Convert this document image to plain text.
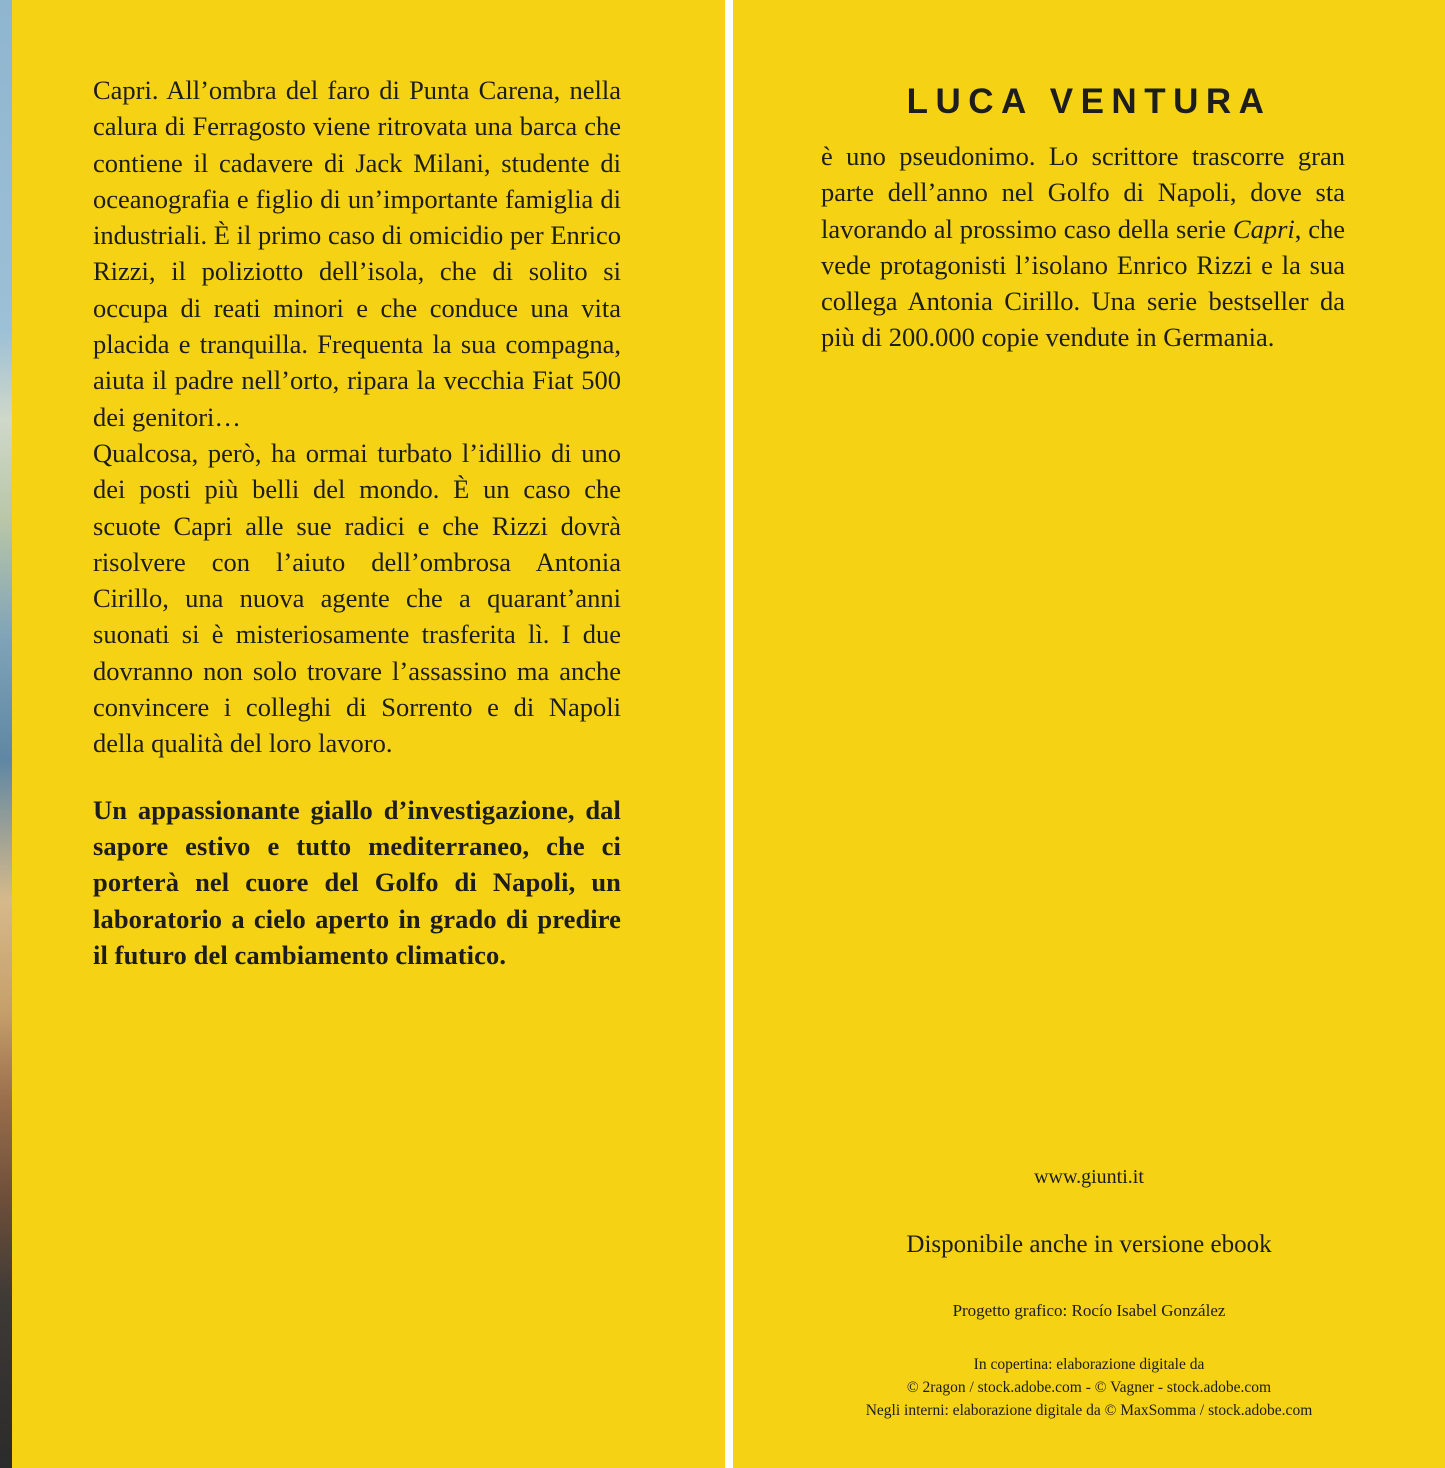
Capri. All’ombra del faro di Punta Carena, nella calura di Ferragosto viene ritrovata una barca che contiene il cadavere di Jack Milani, studente di oceanografia e figlio di un’importante famiglia di industriali. È il primo caso di omicidio per Enrico Rizzi, il poliziotto dell’isola, che di solito si occupa di reati minori e che conduce una vita placida e tranquilla. Frequenta la sua compagna, aiuta il padre nell’orto, ripara la vecchia Fiat 500 dei genitori…

Qualcosa, però, ha ormai turbato l’idillio di uno dei posti più belli del mondo. È un caso che scuote Capri alle sue radici e che Rizzi dovrà risolvere con l’aiuto dell’ombrosa Antonia Cirillo, una nuova agente che a quarant’anni suonati si è misteriosamente trasferita lì. I due dovranno non solo trovare l’assassino ma anche convincere i colleghi di Sorrento e di Napoli della qualità del loro lavoro.

Un appassionante giallo d’investigazione, dal sapore estivo e tutto mediterraneo, che ci porterà nel cuore del Golfo di Napoli, un laboratorio a cielo aperto in grado di predire il futuro del cambiamento climatico.

LUCA VENTURA

è uno pseudonimo. Lo scrittore trascorre gran parte dell’anno nel Golfo di Napoli, dove sta lavorando al prossimo caso della serie Capri, che vede protagonisti l’isolano Enrico Rizzi e la sua collega Antonia Cirillo. Una serie bestseller da più di 200.000 copie vendute in Germania.

www.giunti.it
Disponibile anche in versione ebook
Progetto grafico: Rocío Isabel González
In copertina: elaborazione digitale da
© 2ragon / stock.adobe.com - © Vagner - stock.adobe.com
Negli interni: elaborazione digitale da © MaxSomma / stock.adobe.com
